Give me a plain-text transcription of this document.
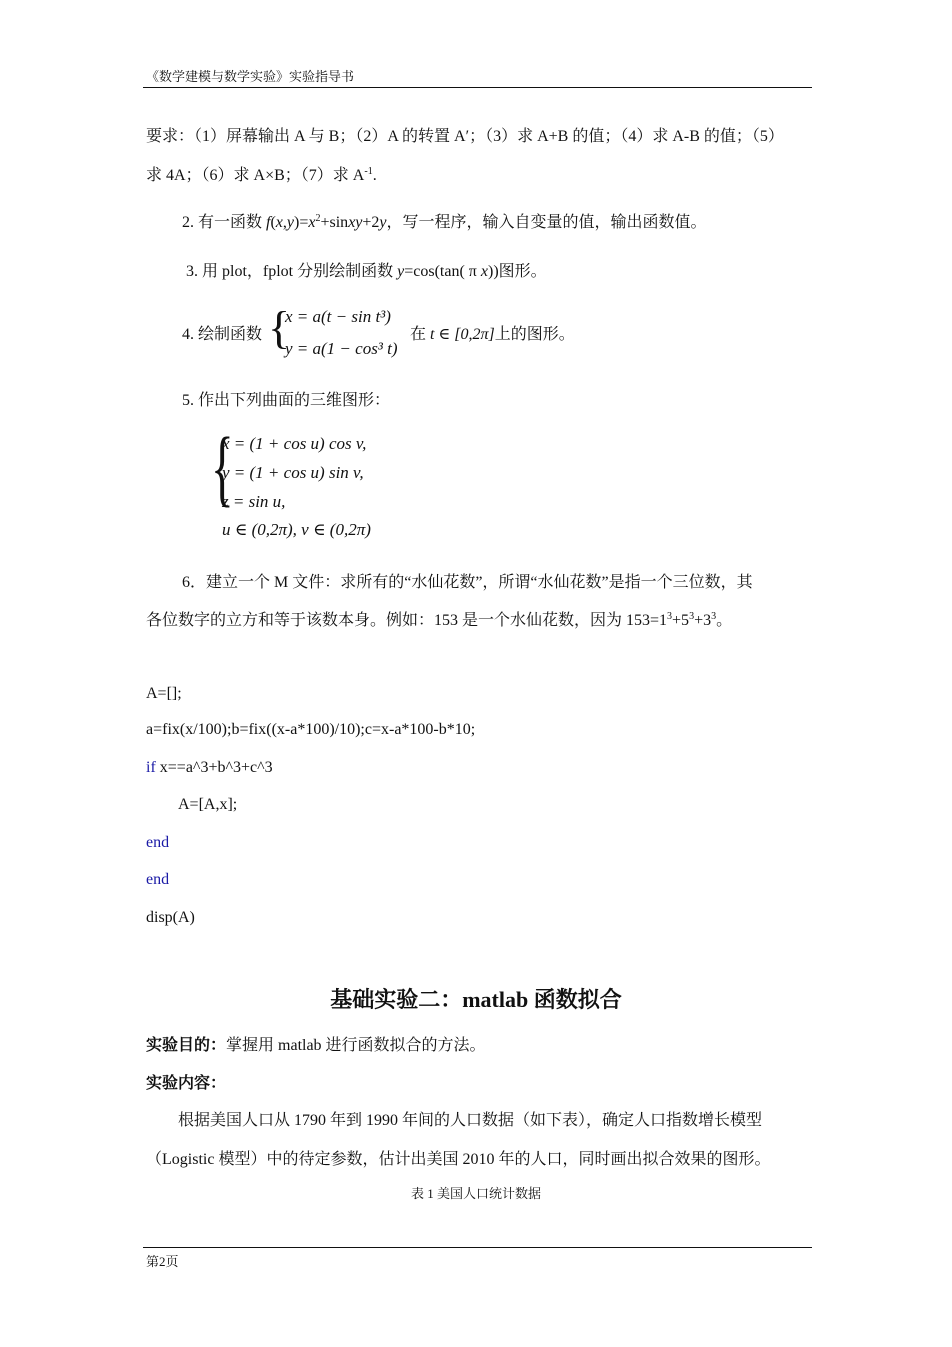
《数学建模与数学实验》实验指导书
要求：（1）屏幕输出 A 与 B；（2）A 的转置 A′；（3）求 A+B 的值；（4）求 A-B 的值；（5）
求 4A；（6）求 A×B；（7）求 $A^{-1}$.
2. 有一函数 $f(x,y)=x^2+sinxy+2y$，写一程序，输入自变量的值，输出函数值。
3. 用 plot，fplot 分别绘制函数 y=cos(tan( π x))图形。
4. 绘制函数 {
x = a(t − sin t³)
y = a(1 − cos³ t)
在 t ∈ [0,2π]上的图形。
5. 作出下列曲面的三维图形：
{
x = (1 + cos u) cos v,
y = (1 + cos u) sin v,
z = sin u,
u ∈ (0,2π), v ∈ (0,2π)
6．建立一个 M 文件：求所有的“水仙花数”，所谓“水仙花数”是指一个三位数，其
各位数字的立方和等于该数本身。例如：153 是一个水仙花数，因为 $153=1^3+5^3+3^3$。
A=[];
a=fix(x/100);b=fix((x-a*100)/10);c=x-a*100-b*10;
if x==a^3+b^3+c^3
A=[A,x];
end
end
disp(A)
基础实验二：matlab 函数拟合
实验目的：掌握用 matlab 进行函数拟合的方法。
实验内容：
根据美国人口从 1790 年到 1990 年间的人口数据（如下表），确定人口指数增长模型
（Logistic 模型）中的待定参数，估计出美国 2010 年的人口，同时画出拟合效果的图形。
表 1 美国人口统计数据
第2页
